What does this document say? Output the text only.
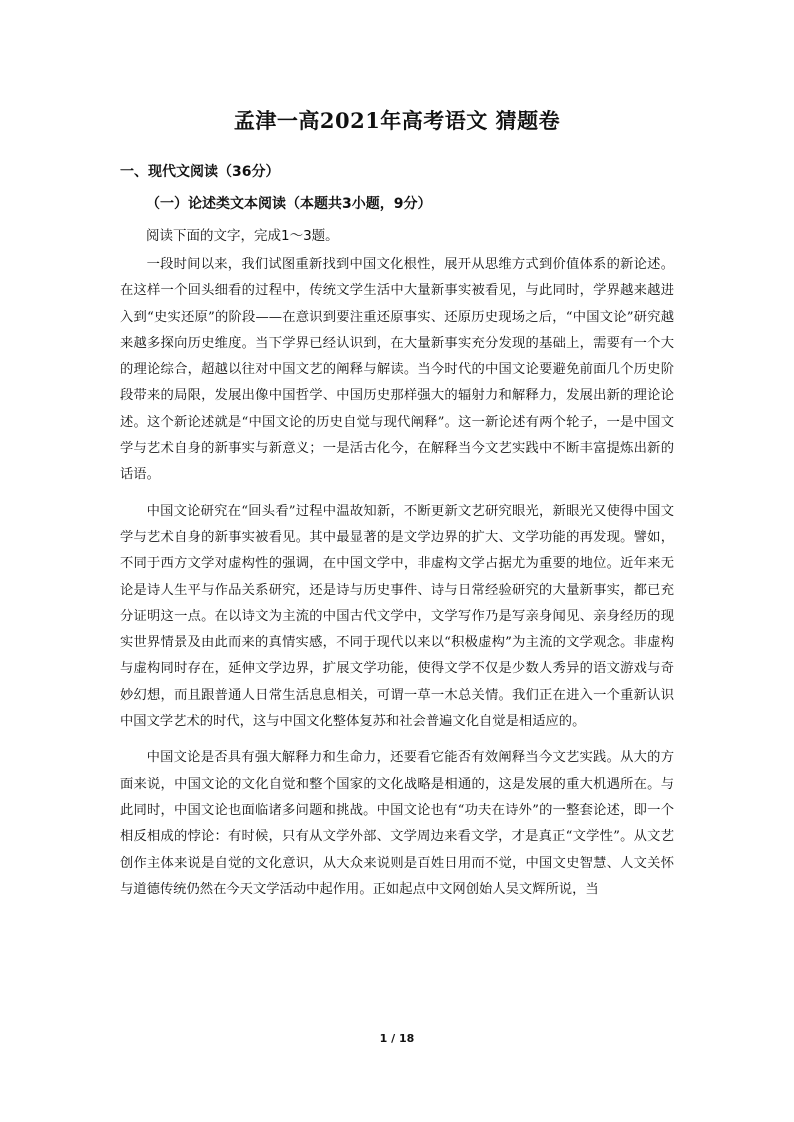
孟津一高2021年高考语文 猜题卷
一、现代文阅读（36分）
（一）论述类文本阅读（本题共3小题，9分）
阅读下面的文字，完成1～3题。

一段时间以来，我们试图重新找到中国文化根性，展开从思维方式到价值体系的新论述。在这样一个回头细看的过程中，传统文学生活中大量新事实被看见，与此同时，学界越来越进入到“史实还原”的阶段——在意识到要注重还原事实、还原历史现场之后，“中国文论”研究越来越多探向历史维度。当下学界已经认识到，在大量新事实充分发现的基础上，需要有一个大的理论综合，超越以往对中国文艺的阐释与解读。当今时代的中国文论要避免前面几个历史阶段带来的局限，发展出像中国哲学、中国历史那样强大的辐射力和解释力，发展出新的理论论述。这个新论述就是“中国文论的历史自觉与现代阐释”。这一新论述有两个轮子，一是中国文学与艺术自身的新事实与新意义；一是活古化今，在解释当今文艺实践中不断丰富提炼出新的话语。

中国文论研究在“回头看”过程中温故知新，不断更新文艺研究眼光，新眼光又使得中国文学与艺术自身的新事实被看见。其中最显著的是文学边界的扩大、文学功能的再发现。譬如，不同于西方文学对虚构性的强调，在中国文学中，非虚构文学占据尤为重要的地位。近年来无论是诗人生平与作品关系研究，还是诗与历史事件、诗与日常经验研究的大量新事实，都已充分证明这一点。在以诗文为主流的中国古代文学中，文学写作乃是写亲身闻见、亲身经历的现实世界情景及由此而来的真情实感，不同于现代以来以“积极虚构”为主流的文学观念。非虚构与虚构同时存在，延伸文学边界，扩展文学功能，使得文学不仅是少数人秀异的语文游戏与奇妙幻想，而且跟普通人日常生活息息相关，可谓一草一木总关情。我们正在进入一个重新认识中国文学艺术的时代，这与中国文化整体复苏和社会普遍文化自觉是相适应的。

中国文论是否具有强大解释力和生命力，还要看它能否有效阐释当今文艺实践。从大的方面来说，中国文论的文化自觉和整个国家的文化战略是相通的，这是发展的重大机遇所在。与此同时，中国文论也面临诸多问题和挑战。中国文论也有“功夫在诗外”的一整套论述，即一个相反相成的悖论：有时候，只有从文学外部、文学周边来看文学，才是真正“文学性”。从文艺创作主体来说是自觉的文化意识，从大众来说则是百姓日用而不觉，中国文史智慧、人文关怀与道德传统仍然在今天文学活动中起作用。正如起点中文网创始人吴文辉所说，当

1 / 18
